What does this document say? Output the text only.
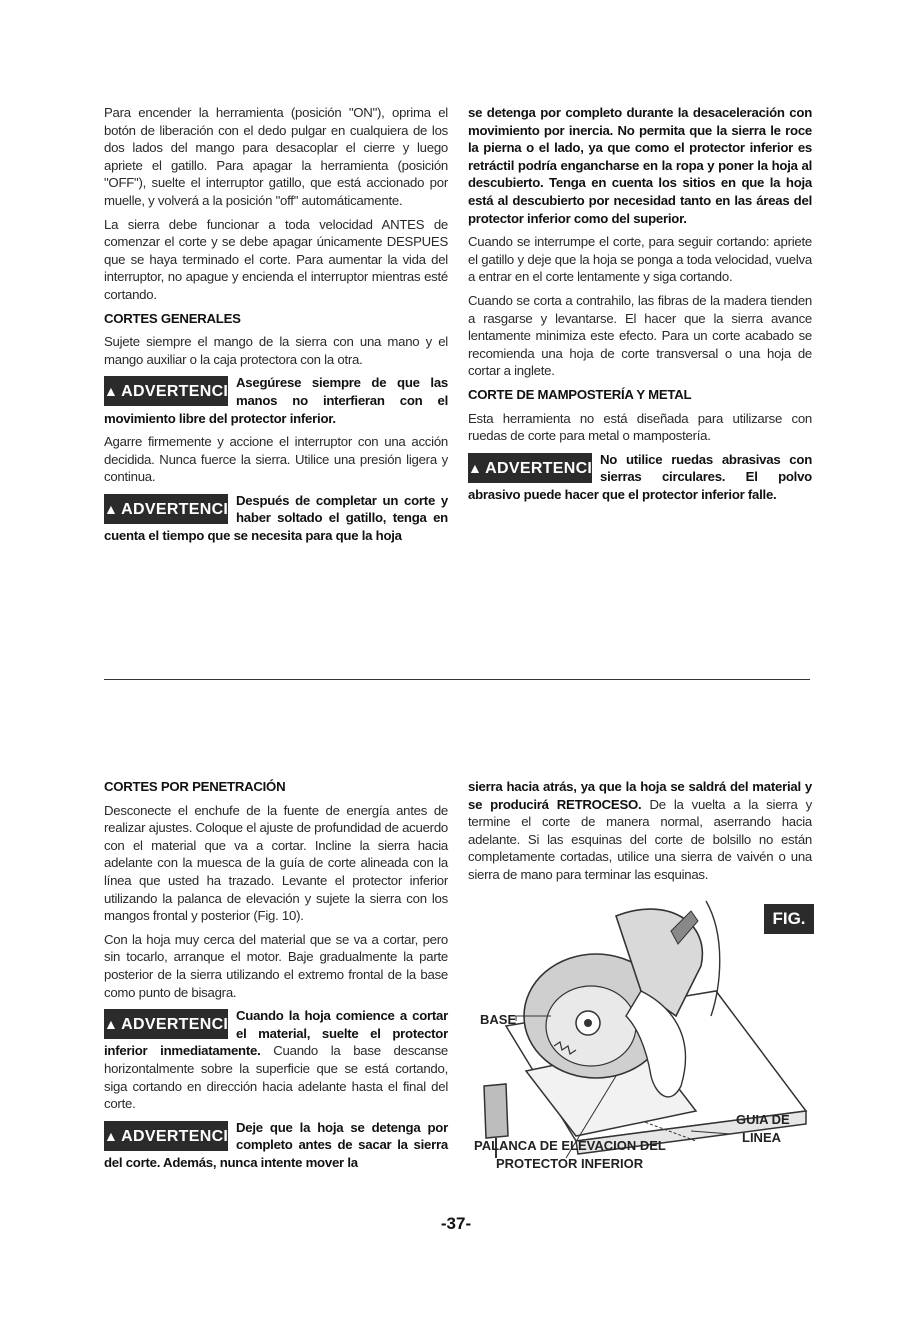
Para encender la herramienta (posición "ON"), oprima el botón de liberación con el dedo pulgar en cualquiera de los dos lados del mango para desacoplar el cierre y luego apriete el gatillo. Para apagar la herramienta (posición "OFF"), suelte el interruptor gatillo, que está accionado por muelle, y volverá a la posición "off" automáticamente.

La sierra debe funcionar a toda velocidad ANTES de comenzar el corte y se debe apagar únicamente DESPUES que se haya terminado el corte. Para aumentar la vida del interruptor, no apague y encienda el interruptor mientras esté cortando.

CORTES GENERALES

Sujete siempre el mango de la sierra con una mano y el mango auxiliar o la caja protectora con la otra.

▲ ADVERTENCIA
Asegúrese siempre de que las manos no interfieran con el movimiento libre del protector inferior.

Agarre firmemente y accione el interruptor con una acción decidida. Nunca fuerce la sierra. Utilice una presión ligera y continua.

▲ ADVERTENCIA
Después de completar un corte y haber soltado el gatillo, tenga en cuenta el tiempo que se necesita para que la hoja

se detenga por completo durante la desaceleración con movimiento por inercia. No permita que la sierra le roce la pierna o el lado, ya que como el protector inferior es retráctil podría engancharse en la ropa y poner la hoja al descubierto. Tenga en cuenta los sitios en que la hoja está al descubierto por necesidad tanto en las áreas del protector inferior como del superior.

Cuando se interrumpe el corte, para seguir cortando: apriete el gatillo y deje que la hoja se ponga a toda velocidad, vuelva a entrar en el corte lentamente y siga cortando.

Cuando se corta a contrahilo, las fibras de la madera tienden a rasgarse y levantarse. El hacer que la sierra avance lentamente minimiza este efecto. Para un corte acabado se recomienda una hoja de corte transversal o una hoja de cortar a inglete.

CORTE DE MAMPOSTERÍA Y METAL

Esta herramienta no está diseñada para utilizarse con ruedas de corte para metal o mampostería.

▲ ADVERTENCIA
No utilice ruedas abrasivas con sierras circulares. El polvo abrasivo puede hacer que el protector inferior falle.

CORTES POR PENETRACIÓN

Desconecte el enchufe de la fuente de energía antes de realizar ajustes. Coloque el ajuste de profundidad de acuerdo con el material que va a cortar. Incline la sierra hacia adelante con la muesca de la guía de corte alineada con la línea que usted ha trazado. Levante el protector inferior utilizando la palanca de elevación y sujete la sierra con los mangos frontal y posterior (Fig. 10).

Con la hoja muy cerca del material que se va a cortar, pero sin tocarlo, arranque el motor. Baje gradualmente la parte posterior de la sierra utilizando el extremo frontal de la base como punto de bisagra.

▲ ADVERTENCIA
Cuando la hoja comience a cortar el material, suelte el protector inferior inmediatamente. Cuando la base descanse horizontalmente sobre la superficie que se está cortando, siga cortando en dirección hacia adelante hasta el final del corte.
▲ ADVERTENCIA
Deje que la hoja se detenga por completo antes de sacar la sierra del corte. Además, nunca intente mover la

sierra hacia atrás, ya que la hoja se saldrá del material y se producirá RETROCESO. De la vuelta a la sierra y termine el corte de manera normal, aserrando hacia adelante. Si las esquinas del corte de bolsillo no están completamente cortadas, utilice una sierra de vaivén o una sierra de mano para terminar las esquinas.

FIG. 10
BASE
PALANCA DE ELEVACION DEL
PROTECTOR INFERIOR
GUIA DE
LINEA
-37-
